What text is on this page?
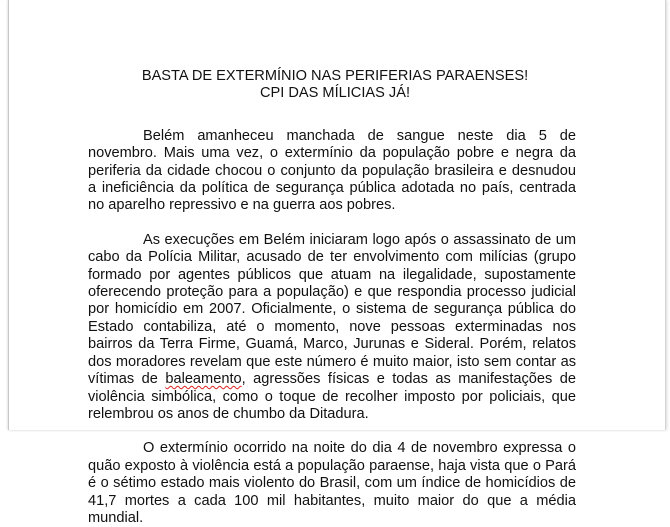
BASTA DE EXTERMÍNIO NAS PERIFERIAS PARAENSES!

CPI DAS MÍLICIAS JÁ!

Belém amanheceu manchada de sangue neste dia 5 de novembro. Mais uma vez, o extermínio da população pobre e negra da periferia da cidade chocou o conjunto da população brasileira e desnudou a ineficiência da política de segurança pública adotada no país, centrada no aparelho repressivo e na guerra aos pobres.

As execuções em Belém iniciaram logo após o assassinato de um cabo da Polícia Militar, acusado de ter envolvimento com milícias (grupo formado por agentes públicos que atuam na ilegalidade, supostamente oferecendo proteção para a população) e que respondia processo judicial por homicídio em 2007. Oficialmente, o sistema de segurança pública do Estado contabiliza, até o momento, nove pessoas exterminadas nos bairros da Terra Firme, Guamá, Marco, Jurunas e Sideral. Porém, relatos dos moradores revelam que este número é muito maior, isto sem contar as vítimas de baleamento, agressões físicas e todas as manifestações de violência simbólica, como o toque de recolher imposto por policiais, que relembrou os anos de chumbo da Ditadura.

O extermínio ocorrido na noite do dia 4 de novembro expressa o quão exposto à violência está a população paraense, haja vista que o Pará é o sétimo estado mais violento do Brasil, com um índice de homicídios de 41,7 mortes a cada 100 mil habitantes, muito maior do que a média mundial.
